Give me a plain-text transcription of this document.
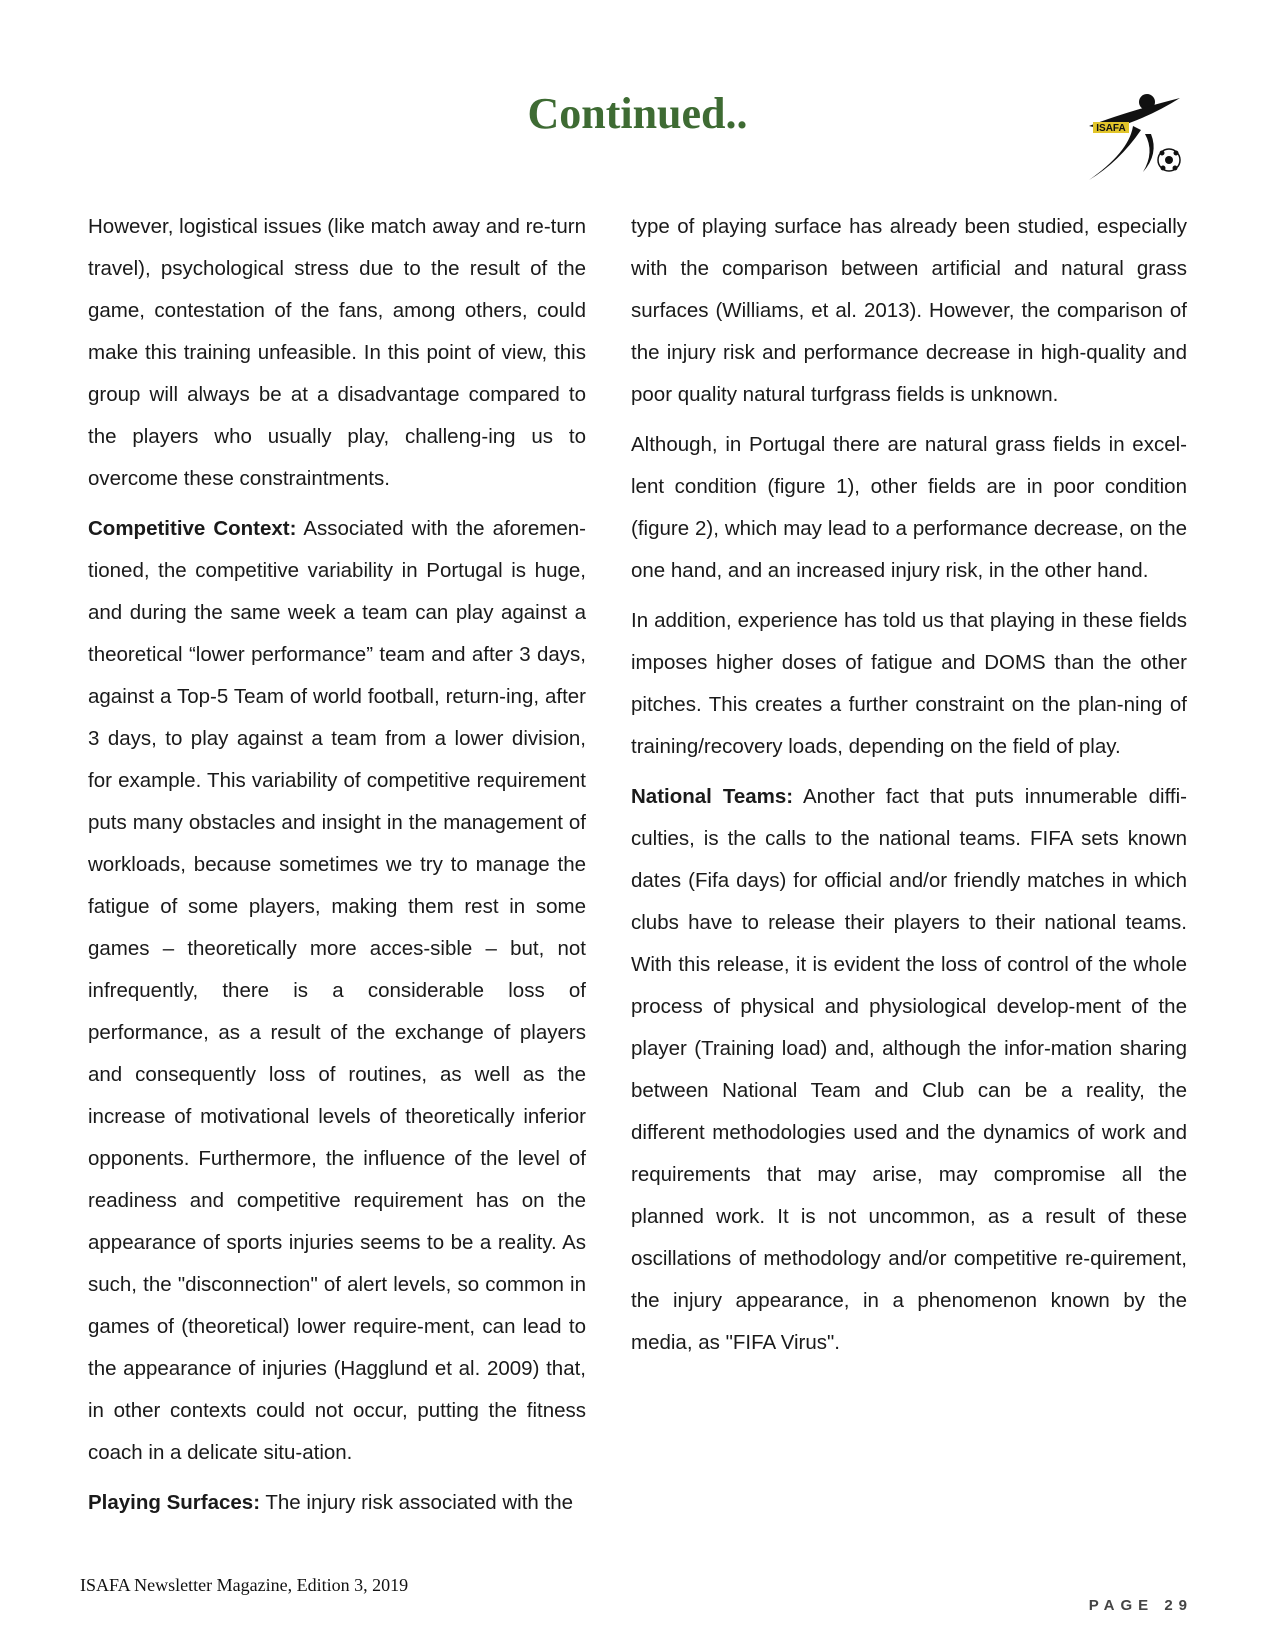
Continued..	ISAFA

However, logistical issues (like match away and re-turn travel), psychological stress due to the result of the game, contestation of the fans, among others, could make this training unfeasible. In this point of view, this group will always be at a disadvantage compared to the players who usually play, challeng-ing us to overcome these constraintments.

Competitive Context: Associated with the aforemen-tioned, the competitive variability in Portugal is huge, and during the same week a team can play against a theoretical “lower performance” team and after 3 days, against a Top-5 Team of world football, return-ing, after 3 days, to play against a team from a lower division, for example. This variability of competitive requirement puts many obstacles and insight in the management of workloads, because sometimes we try to manage the fatigue of some players, making them rest in some games – theoretically more acces-sible – but, not infrequently, there is a considerable loss of performance, as a result of the exchange of players and consequently loss of routines, as well as the increase of motivational levels of theoretically inferior opponents. Furthermore, the influence of the level of readiness and competitive requirement has on the appearance of sports injuries seems to be a reality. As such, the "disconnection" of alert levels, so common in games of (theoretical) lower require-ment, can lead to the appearance of injuries (Hagglund et al. 2009) that, in other contexts could not occur, putting the fitness coach in a delicate situ-ation.

Playing Surfaces: The injury risk associated with the

type of playing surface has already been studied, especially with the comparison between artificial and natural grass surfaces (Williams, et al. 2013). However, the comparison of the injury risk and performance decrease in high-quality and poor quality natural turfgrass fields is unknown.

Although, in Portugal there are natural grass fields in excel-lent condition (figure 1), other fields are in poor condition (figure 2), which may lead to a performance decrease, on the one hand, and an increased injury risk, in the other hand.

In addition, experience has told us that playing in these fields imposes higher doses of fatigue and DOMS than the other pitches. This creates a further constraint on the plan-ning of training/recovery loads, depending on the field of play.

National Teams: Another fact that puts innumerable diffi-culties, is the calls to the national teams. FIFA sets known dates (Fifa days) for official and/or friendly matches in which clubs have to release their players to their national teams. With this release, it is evident the loss of control of the whole process of physical and physiological develop-ment of the player (Training load) and, although the infor-mation sharing between National Team and Club can be a reality, the different methodologies used and the dynamics of work and requirements that may arise, may compromise all the planned work. It is not uncommon, as a result of these oscillations of methodology and/or competitive re-quirement, the injury appearance, in a phenomenon known by the media, as "FIFA Virus".

ISAFA Newsletter Magazine, Edition 3, 2019
PAGE 29
